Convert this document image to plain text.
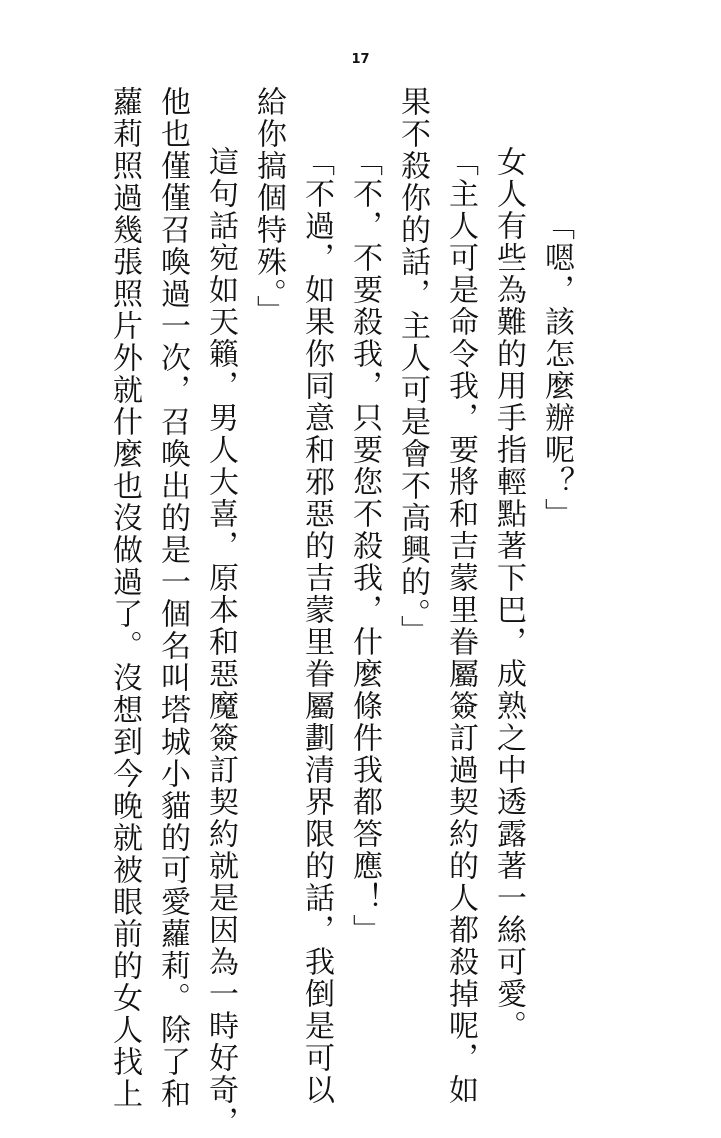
17

「嗯，該怎麼辦呢？」

女人有些為難的用手指輕點著下巴，成熟之中透露著一絲可愛。

「主人可是命令我，要將和吉蒙里眷屬簽訂過契約的人都殺掉呢，如

果不殺你的話，主人可是會不高興的。」

「不，不要殺我，只要您不殺我，什麼條件我都答應！」

「不過，如果你同意和邪惡的吉蒙里眷屬劃清界限的話，我倒是可以

給你搞個特殊。」

這句話宛如天籟，男人大喜，原本和惡魔簽訂契約就是因為一時好奇，

他也僅僅召喚過一次，召喚出的是一個名叫塔城小貓的可愛蘿莉。除了和

蘿莉照過幾張照片外就什麼也沒做過了。沒想到今晚就被眼前的女人找上
